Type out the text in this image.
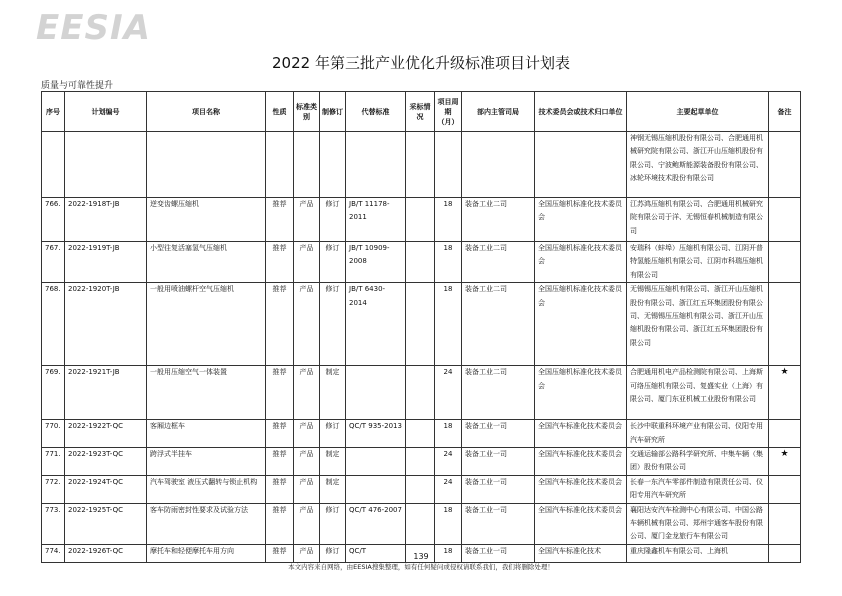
EESIA
2022 年第三批产业优化升级标准项目计划表
质量与可靠性提升
序号	计划编号	项目名称	性质	标准类别	制修订	代替标准	采标情况	项目周期（月）	部内主管司局	技术委员会或技术归口单位	主要起草单位	备注
											神钢无锡压缩机股份有限公司、合肥通用机械研究院有限公司、浙江开山压缩机股份有限公司、宁波鲍斯能源装备股份有限公司、冰轮环境技术股份有限公司	
766.	2022-1918T-JB	逆变齿螺压缩机	推荐	产品	修订	JB/T 11178-2011		18	装备工业二司	全国压缩机标准化技术委员会	江苏鸿压缩机有限公司、合肥通用机械研究院有限公司于洋、无锡恒春机械制造有限公司	
767.	2022-1919T-JB	小型往复活塞氢气压缩机	推荐	产品	修订	JB/T 10909-2008		18	装备工业二司	全国压缩机标准化技术委员会	安瑞科（蚌埠）压缩机有限公司、江阴开普特氢能压缩机有限公司、江阴市科瑞压缩机有限公司	
768.	2022-1920T-JB	一般用喷油螺杆空气压缩机	推荐	产品	修订	JB/T 6430-2014		18	装备工业二司	全国压缩机标准化技术委员会	无锡锡压压缩机有限公司、浙江开山压缩机股份有限公司、浙江红五环集团股份有限公司、无锡锡压压缩机有限公司、浙江开山压缩机股份有限公司、浙江红五环集团股份有限公司	
769.	2022-1921T-JB	一般用压缩空气一体装置	推荐	产品	制定			24	装备工业二司	全国压缩机标准化技术委员会	合肥通用机电产品检测院有限公司、上海斯可络压缩机有限公司、复盛实业（上海）有限公司、厦门东亚机械工业股份有限公司	★
770.	2022-1922T-QC	客厢边框车	推荐	产品	修订	QC/T 935-2013		18	装备工业一司	全国汽车标准化技术委员会	长沙中联重科环境产业有限公司、仪阳专用汽车研究所	
771.	2022-1923T-QC	跨浮式半挂车	推荐	产品	制定			24	装备工业一司	全国汽车标准化技术委员会	交通运输部公路科学研究所、中集车辆（集团）股份有限公司	★
772.	2022-1924T-QC	汽车驾驶室 液压式翻转与锁止机构	推荐	产品	制定			24	装备工业一司	全国汽车标准化技术委员会	长春一东汽车零部件制造有限责任公司、仪阳专用汽车研究所	
773.	2022-1925T-QC	客车防雨密封性要求及试验方法	推荐	产品	修订	QC/T 476-2007		18	装备工业一司	全国汽车标准化技术委员会	襄阳达安汽车检测中心有限公司、中国公路车辆机械有限公司、郑州宇通客车股份有限公司、厦门金龙旅行车有限公司	
774.	2022-1926T-QC	摩托车和轻便摩托车用方向	推荐	产品	修订	QC/T		18	装备工业一司	全国汽车标准化技术	重庆隆鑫机车有限公司、上海机	
139
本文内容来自网络，由EESIA搜集整理，如有任何疑问或侵权请联系我们，我们将删除处理！
